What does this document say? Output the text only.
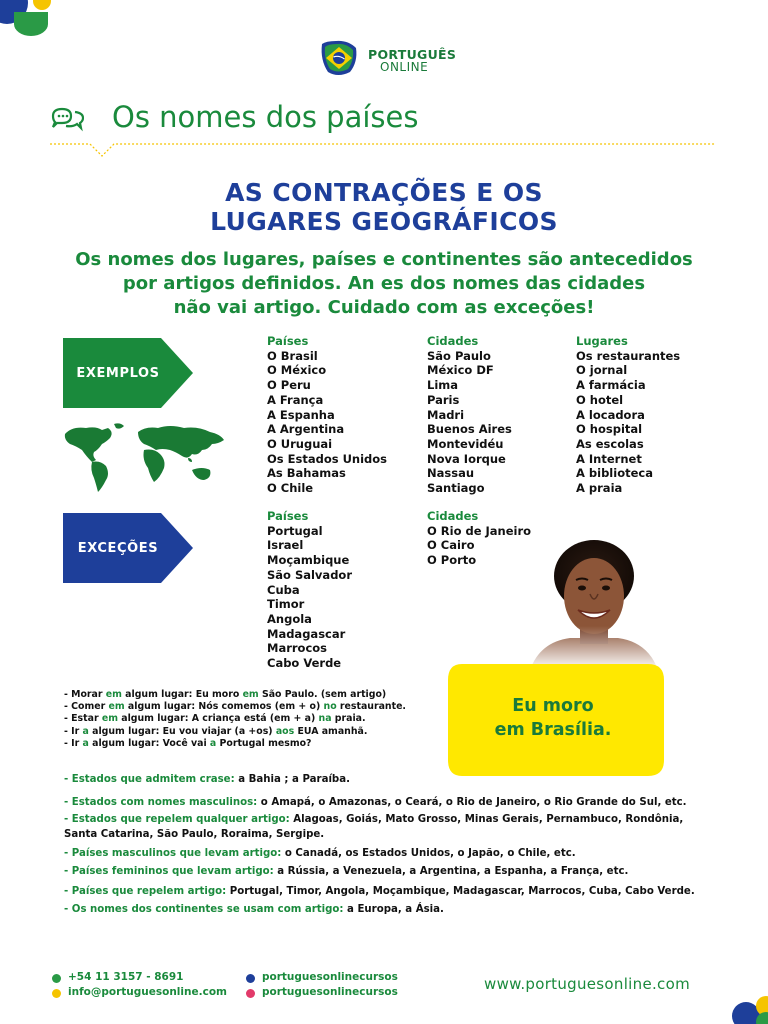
PORTUGUÊS
ONLINE
Os nomes dos países
AS CONTRAÇÕES E OS
LUGARES GEOGRÁFICOS
Os nomes dos lugares, países e continentes são antecedidos
por artigos definidos. An es dos nomes das cidades
não vai artigo. Cuidado com as exceções!
EXEMPLOS
Países
O Brasil
O México
O Peru
A França
A Espanha
A Argentina
O Uruguai
Os Estados Unidos
As Bahamas
O Chile
Cidades
São Paulo
México DF
Lima
Paris
Madri
Buenos Aires
Montevidéu
Nova Iorque
Nassau
Santiago
Lugares
Os restaurantes
O jornal
A farmácia
O hotel
A locadora
O hospital
As escolas
A Internet
A biblioteca
A praia
EXCEÇÕES
Países
Portugal
Israel
Moçambique
São Salvador
Cuba
Timor
Angola
Madagascar
Marrocos
Cabo Verde
Cidades
O Rio de Janeiro
O Cairo
O Porto
Eu moro
em Brasília.
- Morar em algum lugar: Eu moro em São Paulo. (sem artigo)
- Comer em algum lugar: Nós comemos (em + o) no restaurante.
- Estar em algum lugar: A criança está (em + a) na praia.
- Ir a algum lugar: Eu vou viajar (a +os) aos EUA amanhã.
- Ir a algum lugar: Você vai a Portugal mesmo?
- Estados que admitem crase: a Bahia ; a Paraíba.
- Estados com nomes masculinos: o Amapá, o Amazonas, o Ceará, o Rio de Janeiro, o Rio Grande do Sul, etc.
- Estados que repelem qualquer artigo: Alagoas, Goiás, Mato Grosso, Minas Gerais, Pernambuco, Rondônia,
Santa Catarina, São Paulo, Roraima, Sergipe.
- Países masculinos que levam artigo: o Canadá, os Estados Unidos, o Japão, o Chile, etc.
- Países femininos que levam artigo: a Rússia, a Venezuela, a Argentina, a Espanha, a França, etc.
- Países que repelem artigo: Portugal, Timor, Angola, Moçambique, Madagascar, Marrocos, Cuba, Cabo Verde.
- Os nomes dos continentes se usam com artigo: a Europa, a Ásia.
+54 11 3157 - 8691
info@portuguesonline.com
portuguesonlinecursos
portuguesonlinecursos	www.portuguesonline.com
